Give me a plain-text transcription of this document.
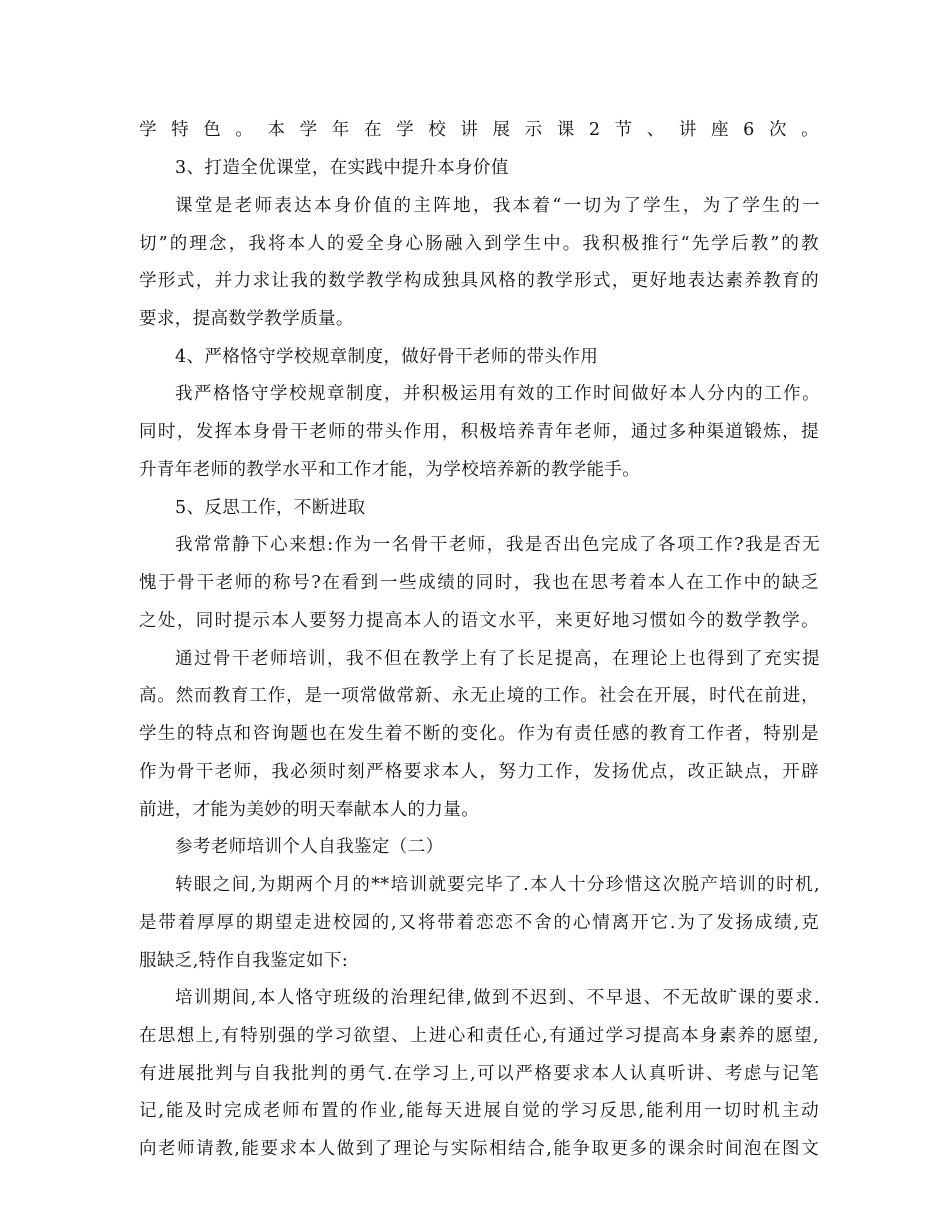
学特色。本学年在学校讲展示课2节、讲座6次。
3、打造全优课堂，在实践中提升本身价值
课堂是老师表达本身价值的主阵地，我本着“一切为了学生，为了学生的一
切”的理念，我将本人的爱全身心肠融入到学生中。我积极推行“先学后教”的教
学形式，并力求让我的数学教学构成独具风格的教学形式，更好地表达素养教育的
要求，提高数学教学质量。
4、严格恪守学校规章制度，做好骨干老师的带头作用
我严格恪守学校规章制度，并积极运用有效的工作时间做好本人分内的工作。
同时，发挥本身骨干老师的带头作用，积极培养青年老师，通过多种渠道锻炼，提
升青年老师的教学水平和工作才能，为学校培养新的教学能手。
5、反思工作，不断进取
我常常静下心来想:作为一名骨干老师，我是否出色完成了各项工作?我是否无
愧于骨干老师的称号?在看到一些成绩的同时，我也在思考着本人在工作中的缺乏
之处，同时提示本人要努力提高本人的语文水平，来更好地习惯如今的数学教学。
通过骨干老师培训，我不但在教学上有了长足提高，在理论上也得到了充实提
高。然而教育工作，是一项常做常新、永无止境的工作。社会在开展，时代在前进，
学生的特点和咨询题也在发生着不断的变化。作为有责任感的教育工作者，特别是
作为骨干老师，我必须时刻严格要求本人，努力工作，发扬优点，改正缺点，开辟
前进，才能为美妙的明天奉献本人的力量。
参考老师培训个人自我鉴定（二）
转眼之间,为期两个月的**培训就要完毕了.本人十分珍惜这次脱产培训的时机,
是带着厚厚的期望走进校园的,又将带着恋恋不舍的心情离开它.为了发扬成绩,克
服缺乏,特作自我鉴定如下:
培训期间,本人恪守班级的治理纪律,做到不迟到、不早退、不无故旷课的要求.
在思想上,有特别强的学习欲望、上进心和责任心,有通过学习提高本身素养的愿望,
有进展批判与自我批判的勇气.在学习上,可以严格要求本人认真听讲、考虑与记笔
记,能及时完成老师布置的作业,能每天进展自觉的学习反思,能利用一切时机主动
向老师请教,能要求本人做到了理论与实际相结合,能争取更多的课余时间泡在图文
